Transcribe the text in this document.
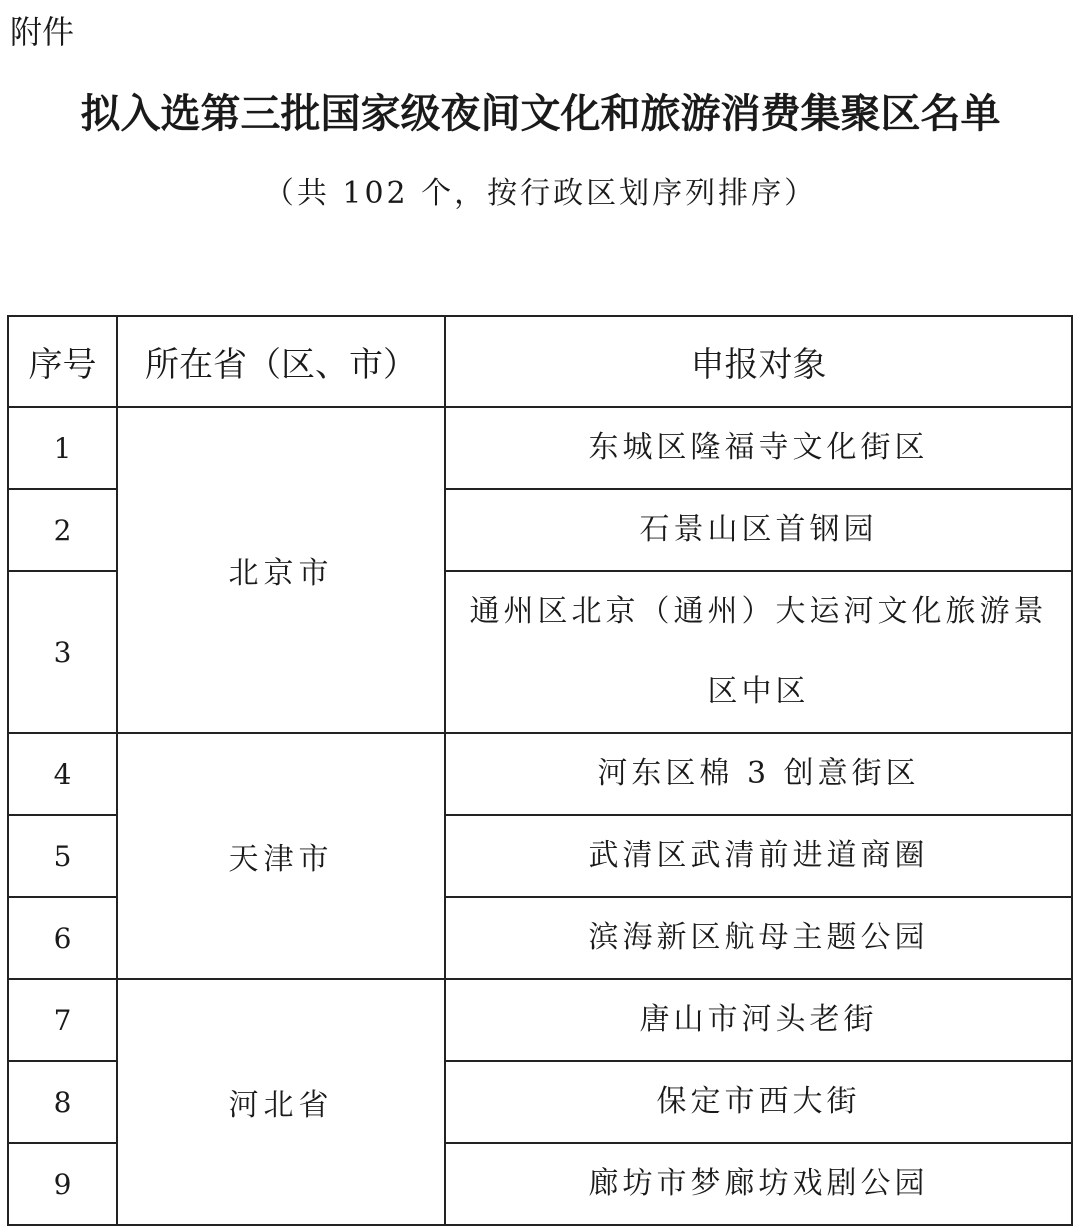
附件
拟入选第三批国家级夜间文化和旅游消费集聚区名单
（共 102 个，按行政区划序列排序）
序号	所在省（区、市）	申报对象
1	北京市	东城区隆福寺文化街区
2		石景山区首钢园
3		通州区北京（通州）大运河文化旅游景区中区
4	天津市	河东区棉 3 创意街区
5		武清区武清前进道商圈
6		滨海新区航母主题公园
7	河北省	唐山市河头老街
8		保定市西大街
9		廊坊市梦廊坊戏剧公园
